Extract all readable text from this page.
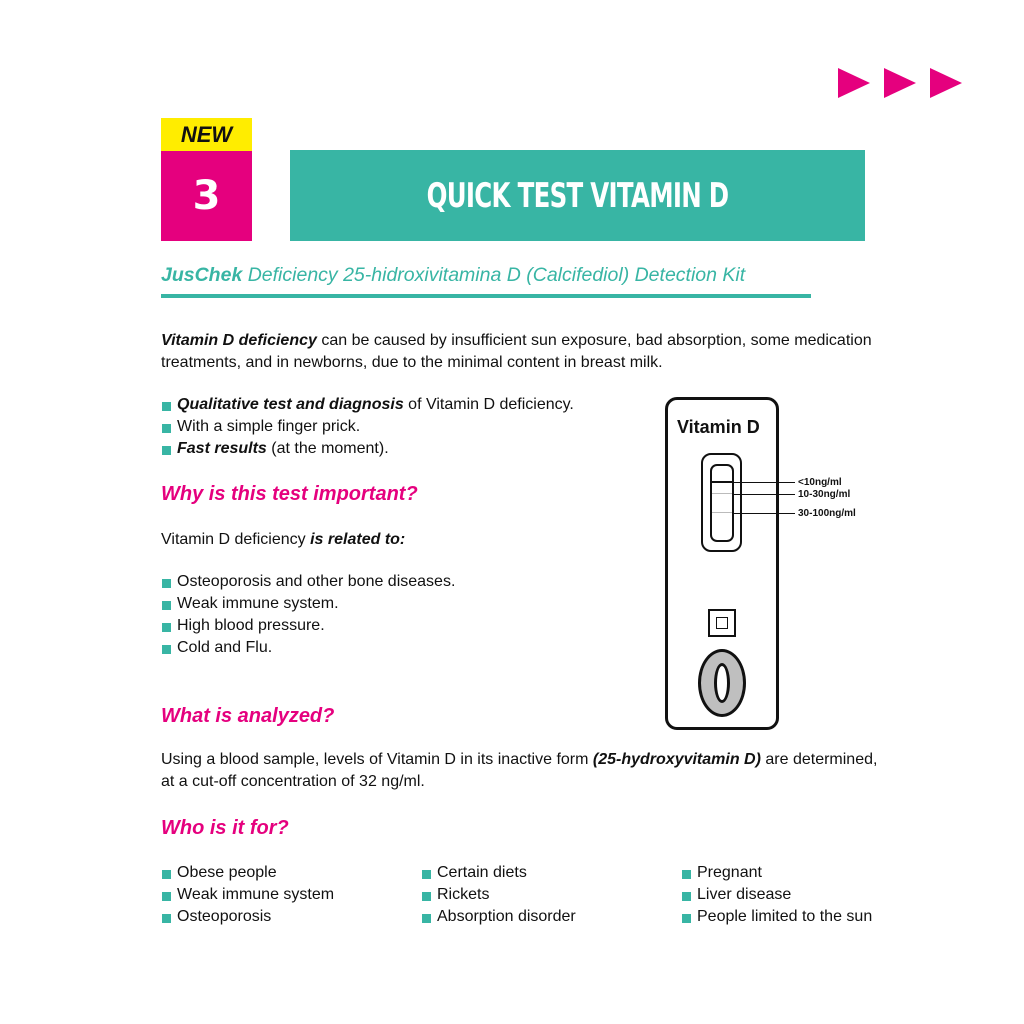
NEW
3	QUICK TEST VITAMIN D
JusChek Deficiency 25-hidroxivitamina D (Calcifediol) Detection Kit
Vitamin D deficiency can be caused by insufficient sun exposure, bad absorption, some medication treatments, and in newborns, due to the minimal content in breast milk.
Qualitative test and diagnosis of Vitamin D deficiency.
With a simple finger prick.
Fast results (at the moment).
Why is this test important?
Vitamin D deficiency is related to:
Osteoporosis and other bone diseases.
Weak immune system.
High blood pressure.
Cold and Flu.
What is analyzed?
Using a blood sample, levels of Vitamin D in its inactive form (25-hydroxyvitamin D) are determined, at a cut-off concentration of 32 ng/ml.
Who is it for?
Obese people
Weak immune system
Osteoporosis
Certain diets
Rickets
Absorption disorder
Pregnant
Liver disease
People limited to the sun
Vitamin D
<10ng/ml
10-30ng/ml
30-100ng/ml
